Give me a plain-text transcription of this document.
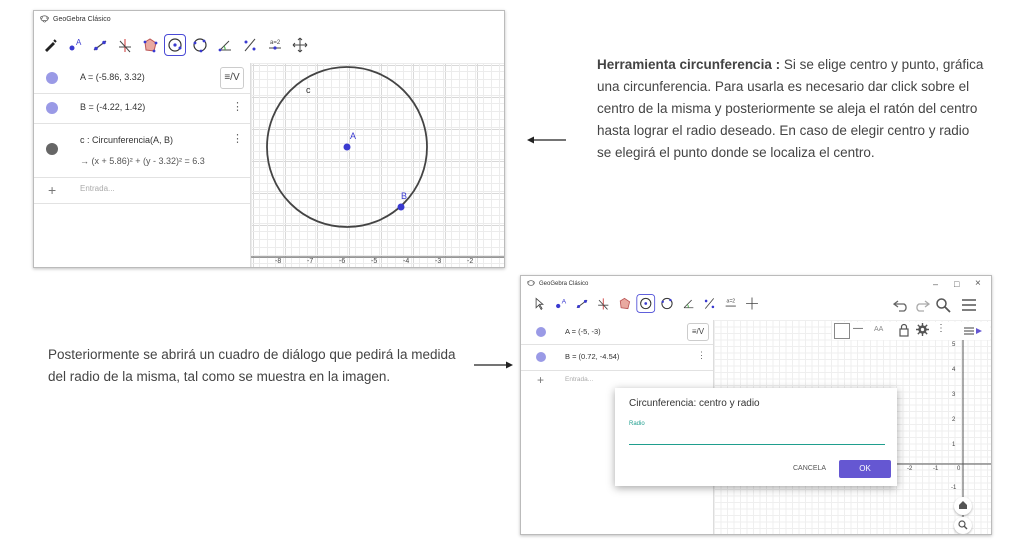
GeoGebra Clásico
A	a=2
A = (-5.86, 3.32)	≡/V
B = (-4.22, 1.42)	⋮
c : Circunferencia(A, B)
→ (x + 5.86)² + (y - 3.32)² = 6.3
⋮
+	Entrada...
c
A
B
-8	-7	-6	-5	-4	-3	-2
Herramienta circunferencia : Si se elige centro y punto, gráfica una circunferencia. Para usarla es necesario dar click sobre el centro de la misma y posteriormente se aleja el ratón del centro hasta lograr el radio deseado. En caso de elegir centro y radio se elegirá el punto donde se localiza el centro.
Posteriormente se abrirá un cuadro de diálogo que pedirá la medida del radio de la misma, tal como se muestra en la imagen.
GeoGebra Clásico	– □ ×
A	a=2
A = (-5, -3)	≡/V
B = (0.72, -4.54)	⋮
+	Entrada...
— AA	⋮
5
4
3
2
1
-1
-2	-1	0
Circunferencia: centro y radio
Radio
CANCELA	OK
